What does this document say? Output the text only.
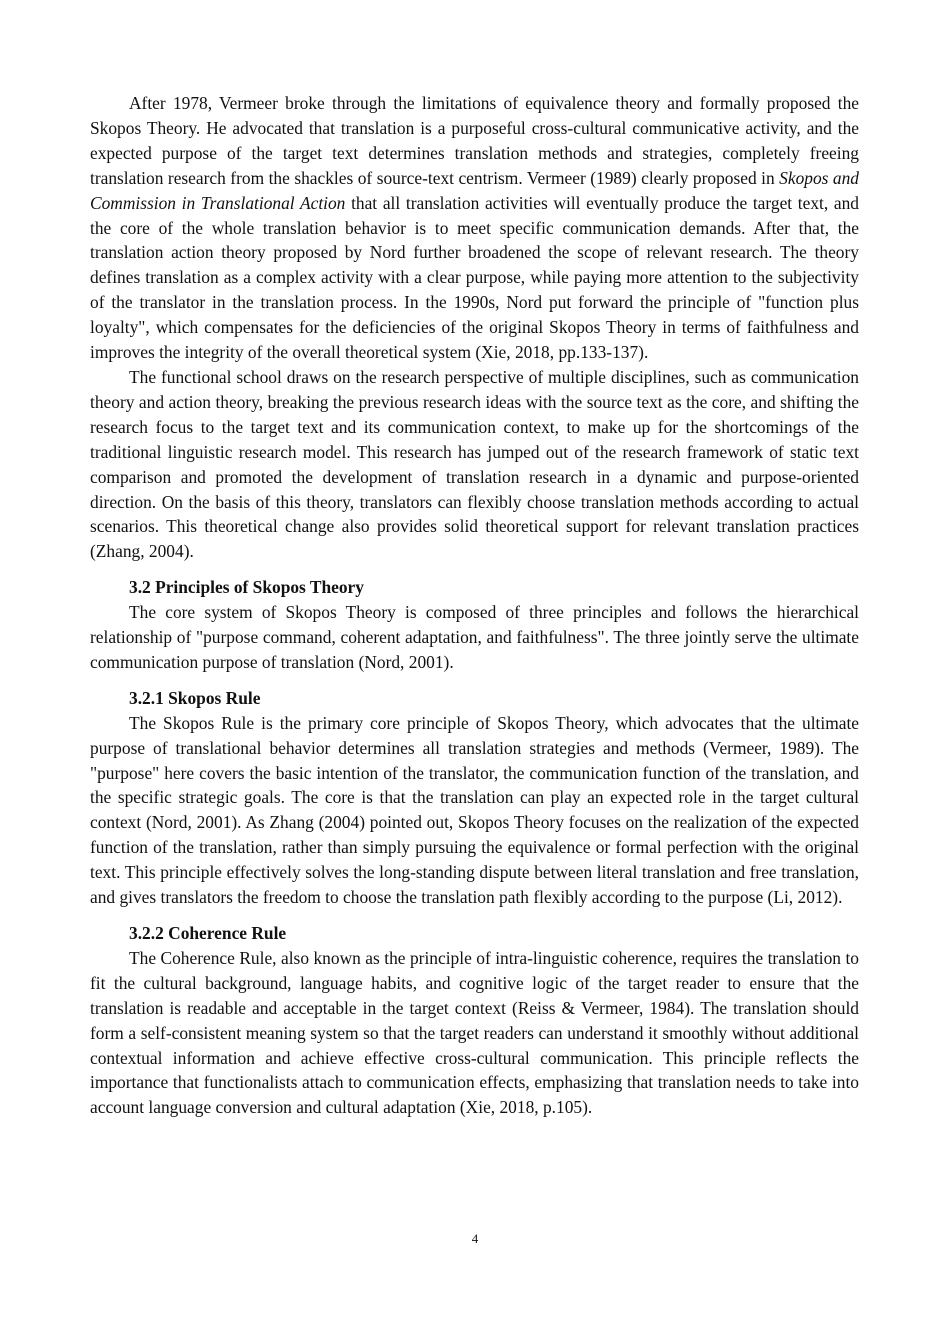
After 1978, Vermeer broke through the limitations of equivalence theory and formally proposed the Skopos Theory. He advocated that translation is a purposeful cross-cultural communicative activity, and the expected purpose of the target text determines translation methods and strategies, completely freeing translation research from the shackles of source-text centrism. Vermeer (1989) clearly proposed in Skopos and Commission in Translational Action that all translation activities will eventually produce the target text, and the core of the whole translation behavior is to meet specific communication demands. After that, the translation action theory proposed by Nord further broadened the scope of relevant research. The theory defines translation as a complex activity with a clear purpose, while paying more attention to the subjectivity of the translator in the translation process. In the 1990s, Nord put forward the principle of "function plus loyalty", which compensates for the deficiencies of the original Skopos Theory in terms of faithfulness and improves the integrity of the overall theoretical system (Xie, 2018, pp.133-137).

The functional school draws on the research perspective of multiple disciplines, such as communication theory and action theory, breaking the previous research ideas with the source text as the core, and shifting the research focus to the target text and its communication context, to make up for the shortcomings of the traditional linguistic research model. This research has jumped out of the research framework of static text comparison and promoted the development of translation research in a dynamic and purpose-oriented direction. On the basis of this theory, translators can flexibly choose translation methods according to actual scenarios. This theoretical change also provides solid theoretical support for relevant translation practices (Zhang, 2004).

3.2 Principles of Skopos Theory

The core system of Skopos Theory is composed of three principles and follows the hierarchical relationship of "purpose command, coherent adaptation, and faithfulness". The three jointly serve the ultimate communication purpose of translation (Nord, 2001).

3.2.1 Skopos Rule

The Skopos Rule is the primary core principle of Skopos Theory, which advocates that the ultimate purpose of translational behavior determines all translation strategies and methods (Vermeer, 1989). The "purpose" here covers the basic intention of the translator, the communication function of the translation, and the specific strategic goals. The core is that the translation can play an expected role in the target cultural context (Nord, 2001). As Zhang (2004) pointed out, Skopos Theory focuses on the realization of the expected function of the translation, rather than simply pursuing the equivalence or formal perfection with the original text. This principle effectively solves the long-standing dispute between literal translation and free translation, and gives translators the freedom to choose the translation path flexibly according to the purpose (Li, 2012).

3.2.2 Coherence Rule

The Coherence Rule, also known as the principle of intra-linguistic coherence, requires the translation to fit the cultural background, language habits, and cognitive logic of the target reader to ensure that the translation is readable and acceptable in the target context (Reiss & Vermeer, 1984). The translation should form a self-consistent meaning system so that the target readers can understand it smoothly without additional contextual information and achieve effective cross-cultural communication. This principle reflects the importance that functionalists attach to communication effects, emphasizing that translation needs to take into account language conversion and cultural adaptation (Xie, 2018, p.105).

4
